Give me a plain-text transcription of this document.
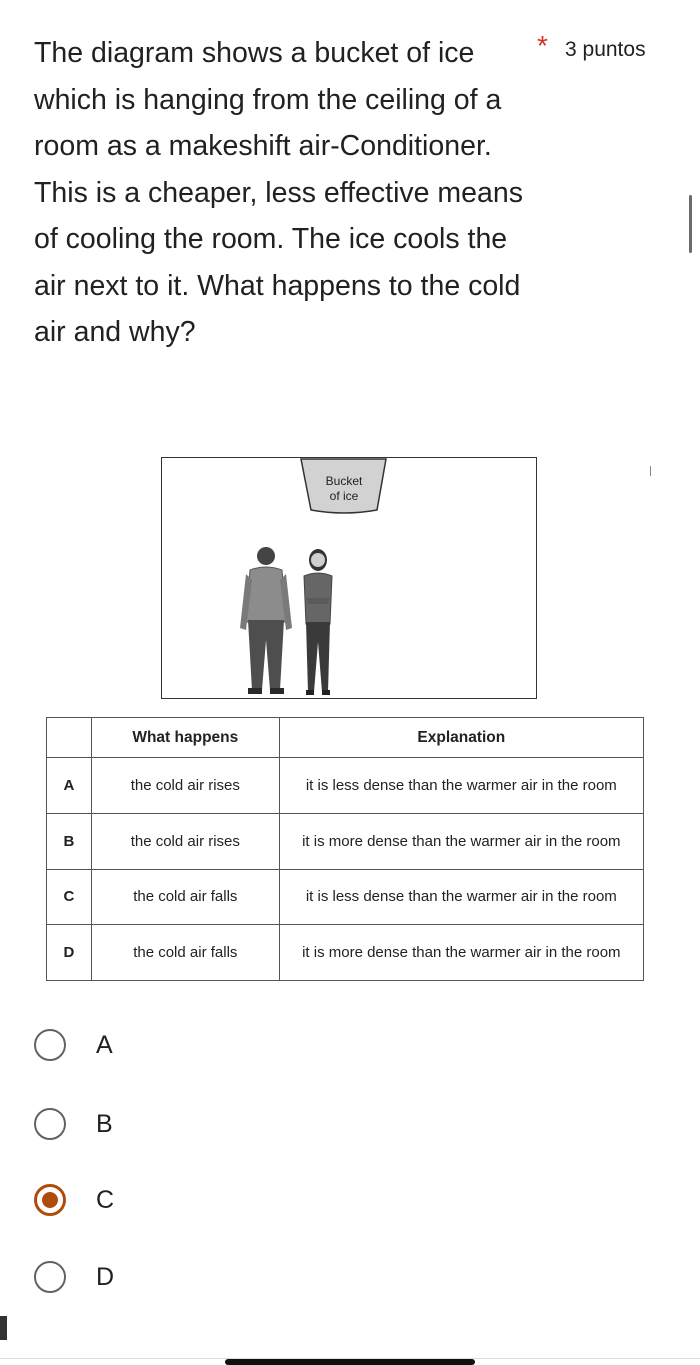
The diagram shows a bucket of ice which is hanging from the ceiling of a room as a makeshift air-Conditioner. This is a cheaper, less effective means of cooling the room. The ice cools the air next to it. What happens to the cold air and why?
* 3 puntos
Bucket
of ice
	What happens	Explanation
A	the cold air rises	it is less dense than the warmer air in the room
B	the cold air rises	it is more dense than the warmer air in the room
C	the cold air falls	it is less dense than the warmer air in the room
D	the cold air falls	it is more dense than the warmer air in the room
A
B
C
D
